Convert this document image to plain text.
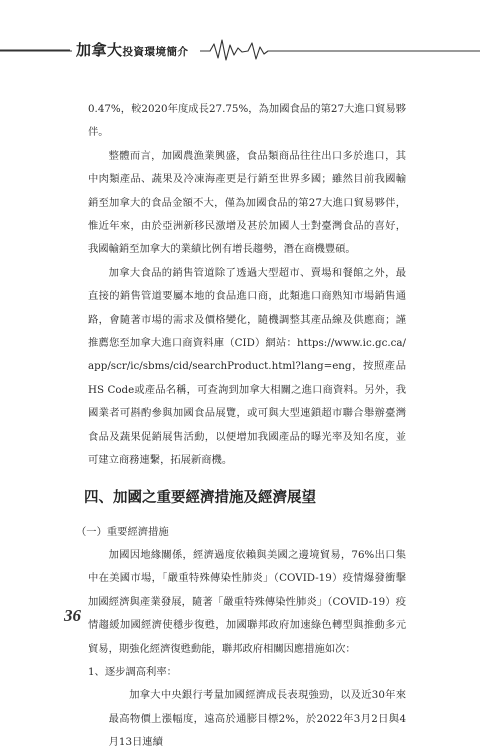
加拿大投資環境簡介

0.47%，較2020年度成長27.75%，為加國食品的第27大進口貿易夥伴。

整體而言，加國農漁業興盛，食品類商品往往出口多於進口，其中肉類產品、蔬果及冷凍海產更是行銷至世界多國；雖然目前我國輸銷至加拿大的食品金額不大，僅為加國食品的第27大進口貿易夥伴，惟近年來，由於亞洲新移民激增及甚於加國人士對臺灣食品的喜好，我國輸銷至加拿大的業績比例有增長趨勢，潛在商機豐碩。

加拿大食品的銷售管道除了透過大型超市、賣場和餐館之外，最直接的銷售管道要屬本地的食品進口商，此類進口商熟知市場銷售通路，會隨著市場的需求及價格變化，隨機調整其產品線及供應商；謹推薦您至加拿大進口商資料庫（CID）網站：https://www.ic.gc.ca/app/scr/ic/sbms/cid/searchProduct.html?lang=eng，按照產品HS Code或產品名稱，可查詢到加拿大相關之進口商資料。另外，我國業者可斟酌參與加國食品展覽，或可與大型連鎖超市聯合舉辦臺灣食品及蔬果促銷展售活動，以便增加我國產品的曝光率及知名度，並可建立商務連繫，拓展新商機。

四、加國之重要經濟措施及經濟展望
（一）重要經濟措施

加國因地緣關係，經濟過度依賴與美國之邊境貿易，76%出口集中在美國市場，「嚴重特殊傳染性肺炎」（COVID-19）疫情爆發衝擊加國經濟與產業發展，隨著「嚴重特殊傳染性肺炎」（COVID-19）疫情趨緩加國經濟使穩步復甦，加國聯邦政府加速綠色轉型與推動多元貿易，期強化經濟復甦動能，聯邦政府相關因應措施如次：

1、逐步調高利率：

加拿大中央銀行考量加國經濟成長表現強勁，以及近30年來最高物價上漲幅度，遠高於通膨目標2%，於2022年3月2日與4月13日連續

36
